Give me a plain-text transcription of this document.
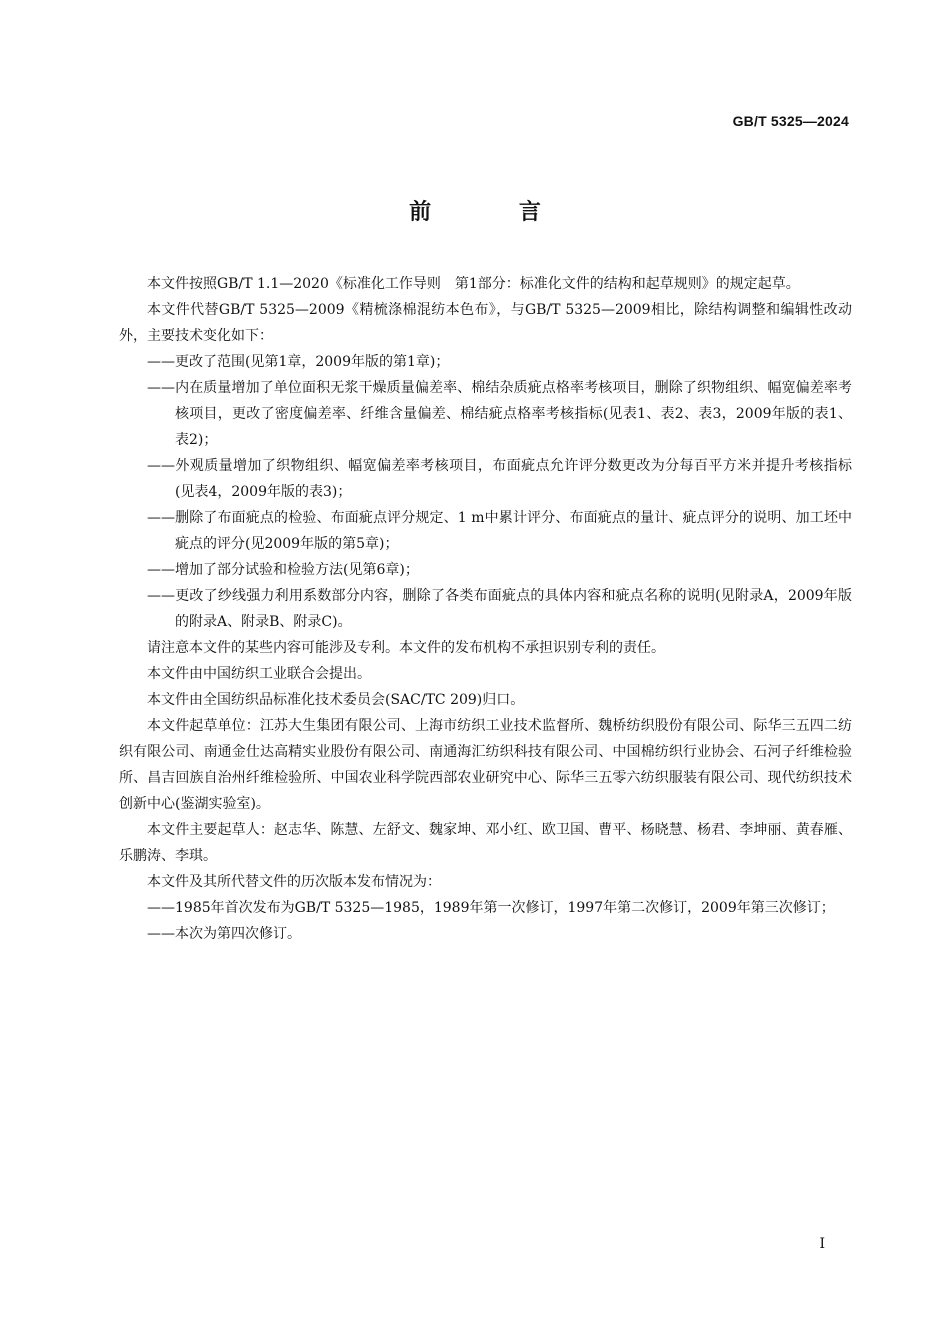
GB/T 5325—2024
前 言

本文件按照GB/T 1.1—2020《标准化工作导则　第1部分：标准化文件的结构和起草规则》的规定起草。

本文件代替GB/T 5325—2009《精梳涤棉混纺本色布》，与GB/T 5325—2009相比，除结构调整和编辑性改动外，主要技术变化如下：

——更改了范围(见第1章，2009年版的第1章)；

——内在质量增加了单位面积无浆干燥质量偏差率、棉结杂质疵点格率考核项目，删除了织物组织、幅宽偏差率考核项目，更改了密度偏差率、纤维含量偏差、棉结疵点格率考核指标(见表1、表2、表3，2009年版的表1、表2)；

——外观质量增加了织物组织、幅宽偏差率考核项目，布面疵点允许评分数更改为分每百平方米并提升考核指标(见表4，2009年版的表3)；

——删除了布面疵点的检验、布面疵点评分规定、1 m中累计评分、布面疵点的量计、疵点评分的说明、加工坯中疵点的评分(见2009年版的第5章)；

——增加了部分试验和检验方法(见第6章)；

——更改了纱线强力利用系数部分内容，删除了各类布面疵点的具体内容和疵点名称的说明(见附录A，2009年版的附录A、附录B、附录C)。

请注意本文件的某些内容可能涉及专利。本文件的发布机构不承担识别专利的责任。

本文件由中国纺织工业联合会提出。

本文件由全国纺织品标准化技术委员会(SAC/TC 209)归口。

本文件起草单位：江苏大生集团有限公司、上海市纺织工业技术监督所、魏桥纺织股份有限公司、际华三五四二纺织有限公司、南通金仕达高精实业股份有限公司、南通海汇纺织科技有限公司、中国棉纺织行业协会、石河子纤维检验所、昌吉回族自治州纤维检验所、中国农业科学院西部农业研究中心、际华三五零六纺织服装有限公司、现代纺织技术创新中心(鉴湖实验室)。

本文件主要起草人：赵志华、陈慧、左舒文、魏家坤、邓小红、欧卫国、曹平、杨晓慧、杨君、李坤丽、黄春雁、乐鹏涛、李琪。

本文件及其所代替文件的历次版本发布情况为：

——1985年首次发布为GB/T 5325—1985，1989年第一次修订，1997年第二次修订，2009年第三次修订；

——本次为第四次修订。

I
